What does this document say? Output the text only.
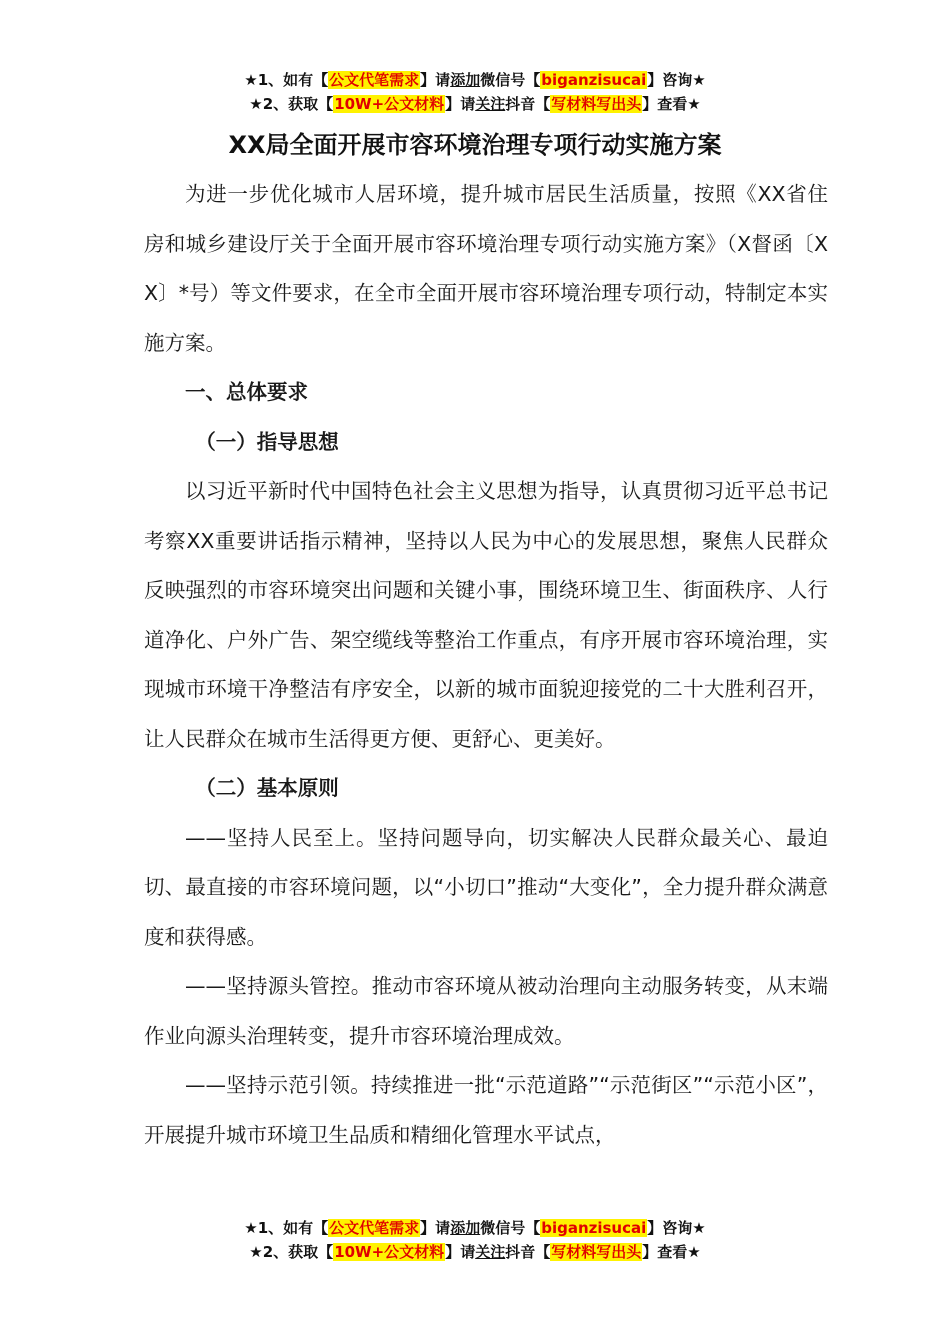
★1、如有【公文代笔需求】请添加微信号【biganzisucai】咨询★
★2、获取【10W+公文材料】请关注抖音【写材料写出头】查看★
XX局全面开展市容环境治理专项行动实施方案

为进一步优化城市人居环境，提升城市居民生活质量，按照《XX省住房和城乡建设厅关于全面开展市容环境治理专项行动实施方案》（X督函〔XX〕*号）等文件要求，在全市全面开展市容环境治理专项行动，特制定本实施方案。

一、总体要求

（一）指导思想

以习近平新时代中国特色社会主义思想为指导，认真贯彻习近平总书记考察XX重要讲话指示精神，坚持以人民为中心的发展思想，聚焦人民群众反映强烈的市容环境突出问题和关键小事，围绕环境卫生、街面秩序、人行道净化、户外广告、架空缆线等整治工作重点，有序开展市容环境治理，实现城市环境干净整洁有序安全，以新的城市面貌迎接党的二十大胜利召开，让人民群众在城市生活得更方便、更舒心、更美好。

（二）基本原则

——坚持人民至上。坚持问题导向，切实解决人民群众最关心、最迫切、最直接的市容环境问题，以“小切口”推动“大变化”，全力提升群众满意度和获得感。

——坚持源头管控。推动市容环境从被动治理向主动服务转变，从末端作业向源头治理转变，提升市容环境治理成效。

——坚持示范引领。持续推进一批“示范道路”“示范街区”“示范小区”，开展提升城市环境卫生品质和精细化管理水平试点，

★1、如有【公文代笔需求】请添加微信号【biganzisucai】咨询★
★2、获取【10W+公文材料】请关注抖音【写材料写出头】查看★
